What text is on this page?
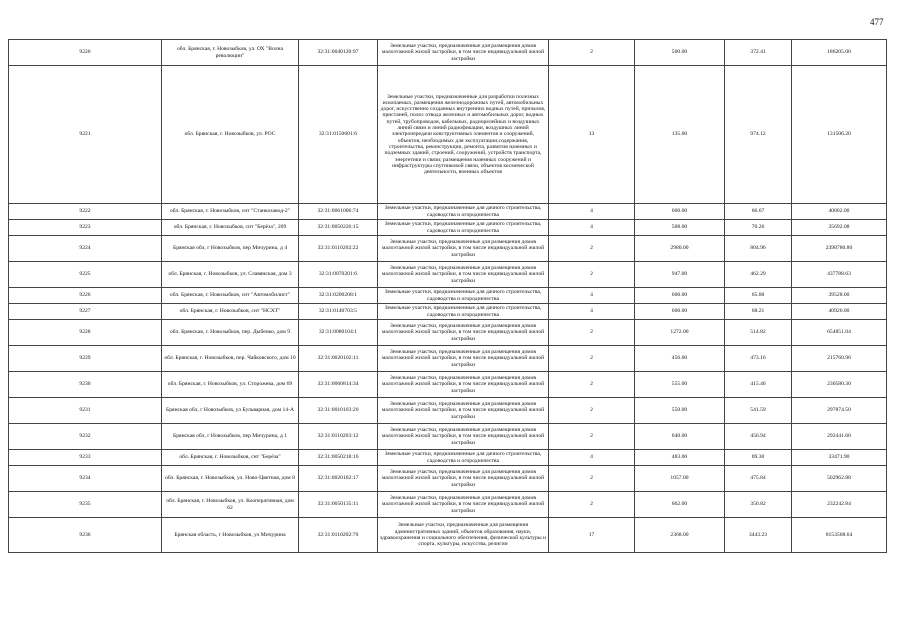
477
9220	обл. Брянская, г. Новозыбков, ул. ОХ "Волна революции"	32:31:0040120:97	Земельные участки, предназначенные для размещения домов малоэтажной жилой застройки, в том числе индивидуальной жилой застройки	2	500.00	372.41	186205.00
9221	обл. Брянская, г. Новозыбков, ул. РОС	32:31:0150601:6	Земельные участки, предназначенные для разработки полезных ископаемых, размещения железнодорожных путей, автомобильных дорог, искусственно созданных внутренних водных путей, причалов, пристаней, полос отвода железных и автомобильных дорог, водных путей, трубопроводов, кабельных, радиорелейных и воздушных линий связи и линий радиофикации, воздушных линий электропередачи конструктивных элементов и сооружений, объектов, необходимых для эксплуатации,содержания, строительства, реконструкции, ремонта, развития наземных и подземных зданий, строений, сооружений, устройств транспорта, энергетики и связи; размещения наземных сооружений и инфраструктуры спутниковой связи, объектов космической деятельности, военных объектов	13	135.00	974.12	131506.20
9222	обл. Брянская, г. Новозыбков, снт "Станкозавод-2"	32:31:0061006:74	Земельные участки, предназначенные для дачного строительства, садоводства и огородничества	4	600.00	66.67	40002.00
9223	обл. Брянская, г. Новозыбков, снт "Берёза", 209	32:31:0050226:15	Земельные участки, предназначенные для дачного строительства, садоводства и огородничества	4	508.00	70.26	35692.08
9224	Брянская обл, г Новозыбков, пер Мичурина, д 4	32:31:0110202:22	Земельные участки, предназначенные для размещения домов малоэтажной жилой застройки, в том числе индивидуальной жилой застройки	2	2980.00	804.96	2398780.80
9225	обл. Брянская, г. Новозыбков, ул. Славянская, дом 3	32:31:0070201:6	Земельные участки, предназначенные для размещения домов малоэтажной жилой застройки, в том числе индивидуальной жилой застройки	2	947.00	462.29	437788.63
9226	обл. Брянская, г. Новозыбков, снт "Автомобилист"	32:31:0200208:1	Земельные участки, предназначенные для дачного строительства, садоводства и огородничества	4	600.00	65.88	39528.00
9227	обл. Брянская, г. Новозыбков, снт "НСХТ"	32:31:0140703:5	Земельные участки, предназначенные для дачного строительства, садоводства и огородничества	4	600.00	68.21	40926.00
9228	обл. Брянская, г. Новозыбков, пер. Дыбенко, дом 9	32:31:0080104:1	Земельные участки, предназначенные для размещения домов малоэтажной жилой застройки, в том числе индивидуальной жилой застройки	2	1272.00	514.82	654851.04
9229	обл. Брянская, г. Новозыбков, пер. Чайковского, дом 10	32:31:0020102:11	Земельные участки, предназначенные для размещения домов малоэтажной жилой застройки, в том числе индивидуальной жилой застройки	2	456.00	473.16	215760.96
9230	обл. Брянская, г. Новозыбков, ул. Сторожева, дом 69	32:31:0060814:34	Земельные участки, предназначенные для размещения домов малоэтажной жилой застройки, в том числе индивидуальной жилой застройки	2	555.00	415.46	230580.30
9231	Брянская обл, г Новозыбков, ул Бульварная, дом 14-А	32:31:0010103:20	Земельные участки, предназначенные для размещения домов малоэтажной жилой застройки, в том числе индивидуальной жилой застройки	2	550.00	541.59	297874.50
9232	Брянская обл, г Новозыбков, пер Мичурина, д 1	32:31:0110203:12	Земельные участки, предназначенные для размещения домов малоэтажной жилой застройки, в том числе индивидуальной жилой застройки	2	640.00	456.94	292441.60
9233	обл. Брянская, г. Новозыбков, снт "Берёза"	32:31:0050218:16	Земельные участки, предназначенные для дачного строительства, садоводства и огородничества	4	483.00	69.30	33471.90
9234	обл. Брянская, г. Новозыбков, ул. Ново-Цветная, дом 8	32:31:0020102:17	Земельные участки, предназначенные для размещения домов малоэтажной жилой застройки, в том числе индивидуальной жилой застройки	2	1057.00	475.84	502962.88
9235	обл. Брянская, г. Новозыбков, ул. Кооперативная, дом 62	32:31:0050135:11	Земельные участки, предназначенные для размещения домов малоэтажной жилой застройки, в том числе индивидуальной жилой застройки	2	662.00	350.82	232242.84
9236	Брянская область, г Новозыбков, ул Мичурина	32:31:0110202:70	Земельные участки, предназначенные для размещения административных зданий, объектов образования, науки, здравоохранения и социального обеспечения, физической культуры и спорта, культуры, искусства, религии	17	2368.00	3443.23	8153568.64
